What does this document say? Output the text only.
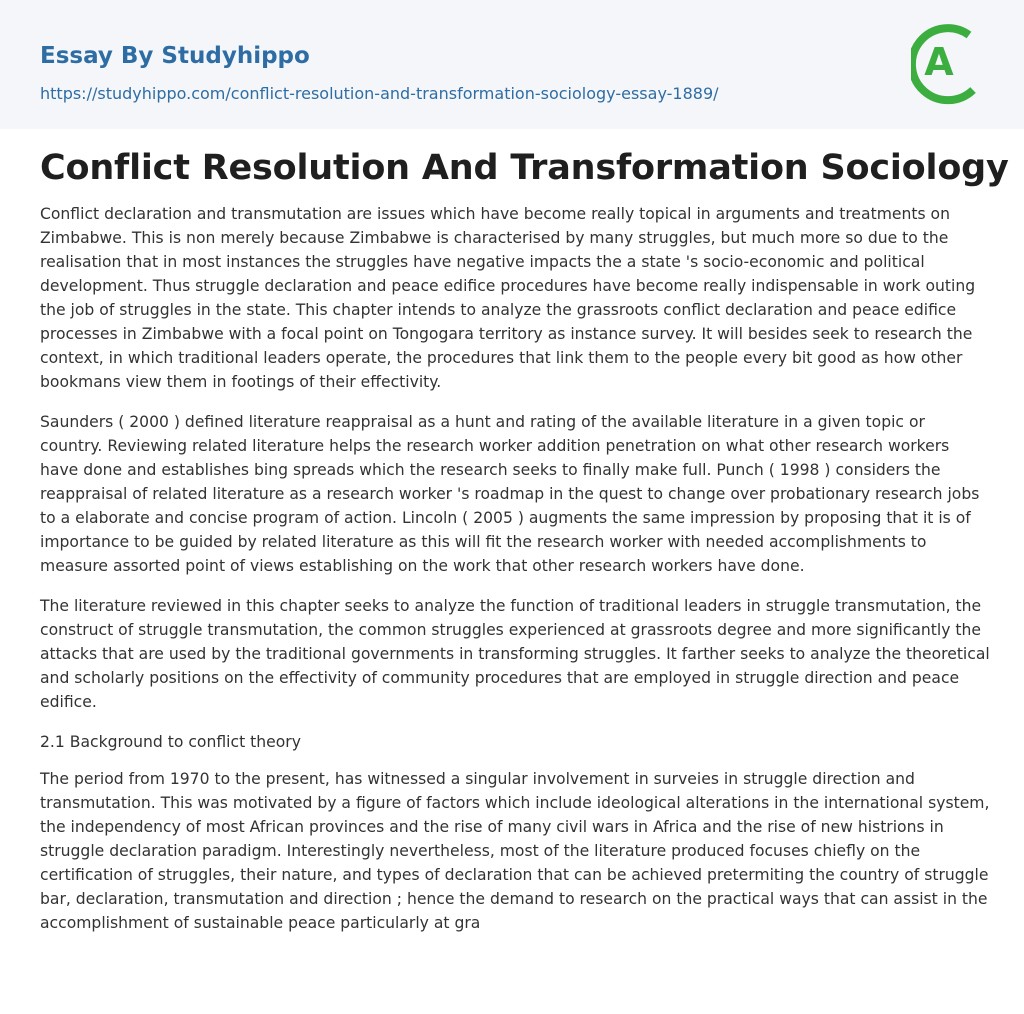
Essay By Studyhippo
https://studyhippo.com/conflict-resolution-and-transformation-sociology-essay-1889/
A
Conflict Resolution And Transformation Sociology

Conflict declaration and transmutation are issues which have become really topical in arguments and treatments on Zimbabwe. This is non merely because Zimbabwe is characterised by many struggles, but much more so due to the realisation that in most instances the struggles have negative impacts the a state 's socio-economic and political development. Thus struggle declaration and peace edifice procedures have become really indispensable in work outing the job of struggles in the state. This chapter intends to analyze the grassroots conflict declaration and peace edifice processes in Zimbabwe with a focal point on Tongogara territory as instance survey. It will besides seek to research the context, in which traditional leaders operate, the procedures that link them to the people every bit good as how other bookmans view them in footings of their effectivity.

Saunders ( 2000 ) defined literature reappraisal as a hunt and rating of the available literature in a given topic or country. Reviewing related literature helps the research worker addition penetration on what other research workers have done and establishes bing spreads which the research seeks to finally make full. Punch ( 1998 ) considers the reappraisal of related literature as a research worker 's roadmap in the quest to change over probationary research jobs to a elaborate and concise program of action. Lincoln ( 2005 ) augments the same impression by proposing that it is of importance to be guided by related literature as this will fit the research worker with needed accomplishments to measure assorted point of views establishing on the work that other research workers have done.

The literature reviewed in this chapter seeks to analyze the function of traditional leaders in struggle transmutation, the construct of struggle transmutation, the common struggles experienced at grassroots degree and more significantly the attacks that are used by the traditional governments in transforming struggles. It farther seeks to analyze the theoretical and scholarly positions on the effectivity of community procedures that are employed in struggle direction and peace edifice.

2.1 Background to conflict theory

The period from 1970 to the present, has witnessed a singular involvement in surveies in struggle direction and transmutation. This was motivated by a figure of factors which include ideological alterations in the international system, the independency of most African provinces and the rise of many civil wars in Africa and the rise of new histrions in struggle declaration paradigm. Interestingly nevertheless, most of the literature produced focuses chiefly on the certification of struggles, their nature, and types of declaration that can be achieved pretermiting the country of struggle bar, declaration, transmutation and direction ; hence the demand to research on the practical ways that can assist in the accomplishment of sustainable peace particularly at gra
